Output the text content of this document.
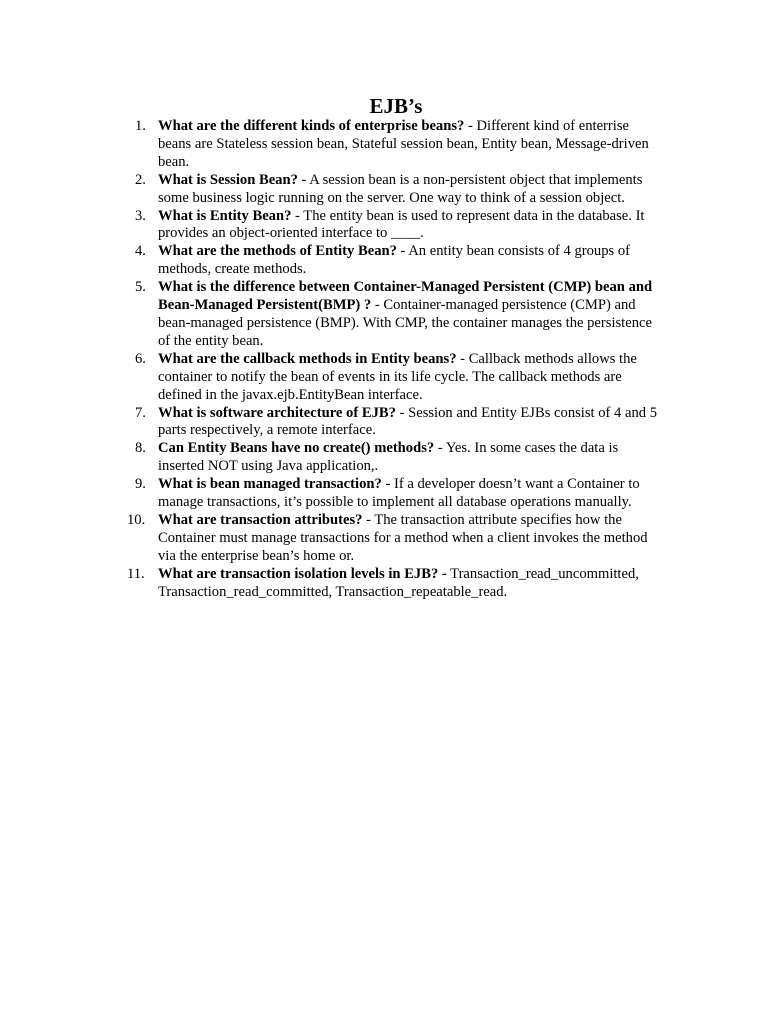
EJB’s
1. What are the different kinds of enterprise beans? - Different kind of enterrise beans are Stateless session bean, Stateful session bean, Entity bean, Message-driven bean.
2. What is Session Bean? - A session bean is a non-persistent object that implements some business logic running on the server. One way to think of a session object.
3. What is Entity Bean? - The entity bean is used to represent data in the database. It provides an object-oriented interface to ____.
4. What are the methods of Entity Bean? - An entity bean consists of 4 groups of methods, create methods.
5. What is the difference between Container-Managed Persistent (CMP) bean and Bean-Managed Persistent(BMP) ? - Container-managed persistence (CMP) and bean-managed persistence (BMP). With CMP, the container manages the persistence of the entity bean.
6. What are the callback methods in Entity beans? - Callback methods allows the container to notify the bean of events in its life cycle. The callback methods are defined in the javax.ejb.EntityBean interface.
7. What is software architecture of EJB? - Session and Entity EJBs consist of 4 and 5 parts respectively, a remote interface.
8. Can Entity Beans have no create() methods? - Yes. In some cases the data is inserted NOT using Java application,.
9. What is bean managed transaction? - If a developer doesn’t want a Container to manage transactions, it’s possible to implement all database operations manually.
10. What are transaction attributes? - The transaction attribute specifies how the Container must manage transactions for a method when a client invokes the method via the enterprise bean’s home or.
11. What are transaction isolation levels in EJB? - Transaction_read_uncommitted, Transaction_read_committed, Transaction_repeatable_read.
